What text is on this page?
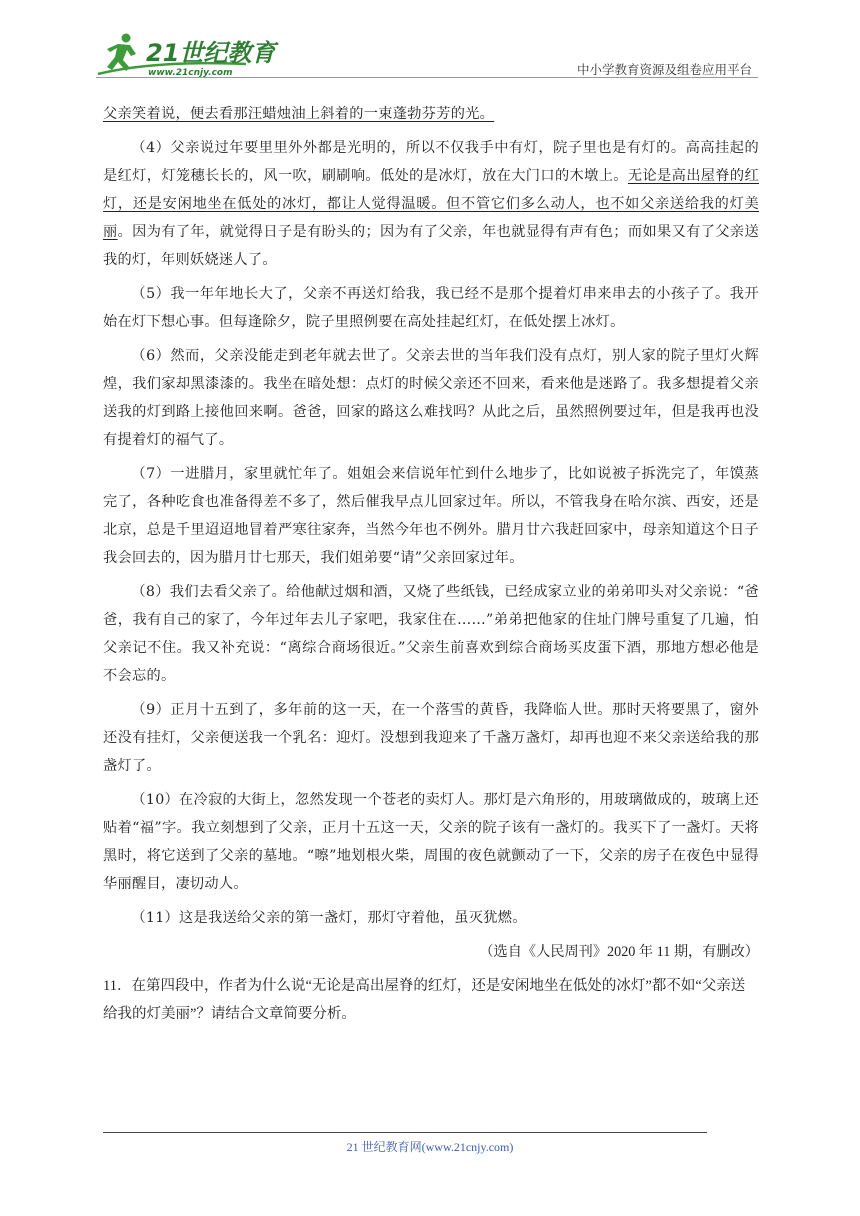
21世纪教育
www.21cnjy.com	中小学教育资源及组卷应用平台

父亲笑着说，便去看那汪蜡烛油上斜着的一束蓬勃芬芳的光。

（4）父亲说过年要里里外外都是光明的，所以不仅我手中有灯，院子里也是有灯的。高高挂起的是红灯，灯笼穗长长的，风一吹，刷刷响。低处的是冰灯，放在大门口的木墩上。无论是高出屋脊的红灯，还是安闲地坐在低处的冰灯，都让人觉得温暖。但不管它们多么动人，也不如父亲送给我的灯美丽。因为有了年，就觉得日子是有盼头的；因为有了父亲，年也就显得有声有色；而如果又有了父亲送我的灯，年则妖娆迷人了。

（5）我一年年地长大了，父亲不再送灯给我，我已经不是那个提着灯串来串去的小孩子了。我开始在灯下想心事。但每逢除夕，院子里照例要在高处挂起红灯，在低处摆上冰灯。

（6）然而，父亲没能走到老年就去世了。父亲去世的当年我们没有点灯，别人家的院子里灯火辉煌，我们家却黑漆漆的。我坐在暗处想：点灯的时候父亲还不回来，看来他是迷路了。我多想提着父亲送我的灯到路上接他回来啊。爸爸，回家的路这么难找吗？从此之后，虽然照例要过年，但是我再也没有提着灯的福气了。

（7）一进腊月，家里就忙年了。姐姐会来信说年忙到什么地步了，比如说被子拆洗完了，年馍蒸完了，各种吃食也准备得差不多了，然后催我早点儿回家过年。所以，不管我身在哈尔滨、西安，还是北京，总是千里迢迢地冒着严寒往家奔，当然今年也不例外。腊月廿六我赶回家中，母亲知道这个日子我会回去的，因为腊月廿七那天，我们姐弟要“请”父亲回家过年。

（8）我们去看父亲了。给他献过烟和酒，又烧了些纸钱，已经成家立业的弟弟叩头对父亲说：“爸爸，我有自己的家了，今年过年去儿子家吧，我家住在……”弟弟把他家的住址门牌号重复了几遍，怕父亲记不住。我又补充说：“离综合商场很近。”父亲生前喜欢到综合商场买皮蛋下酒，那地方想必他是不会忘的。

（9）正月十五到了，多年前的这一天，在一个落雪的黄昏，我降临人世。那时天将要黑了，窗外还没有挂灯，父亲便送我一个乳名：迎灯。没想到我迎来了千盏万盏灯，却再也迎不来父亲送给我的那盏灯了。

（10）在冷寂的大街上，忽然发现一个苍老的卖灯人。那灯是六角形的，用玻璃做成的，玻璃上还贴着“福”字。我立刻想到了父亲，正月十五这一天，父亲的院子该有一盏灯的。我买下了一盏灯。天将黑时，将它送到了父亲的墓地。“嚓”地划根火柴，周围的夜色就颤动了一下，父亲的房子在夜色中显得华丽醒目，凄切动人。

（11）这是我送给父亲的第一盏灯，那灯守着他，虽灭犹燃。

（选自《人民周刊》2020 年 11 期，有删改）

11．在第四段中，作者为什么说“无论是高出屋脊的红灯，还是安闲地坐在低处的冰灯”都不如“父亲送给我的灯美丽”？请结合文章简要分析。

21 世纪教育网(www.21cnjy.com)
